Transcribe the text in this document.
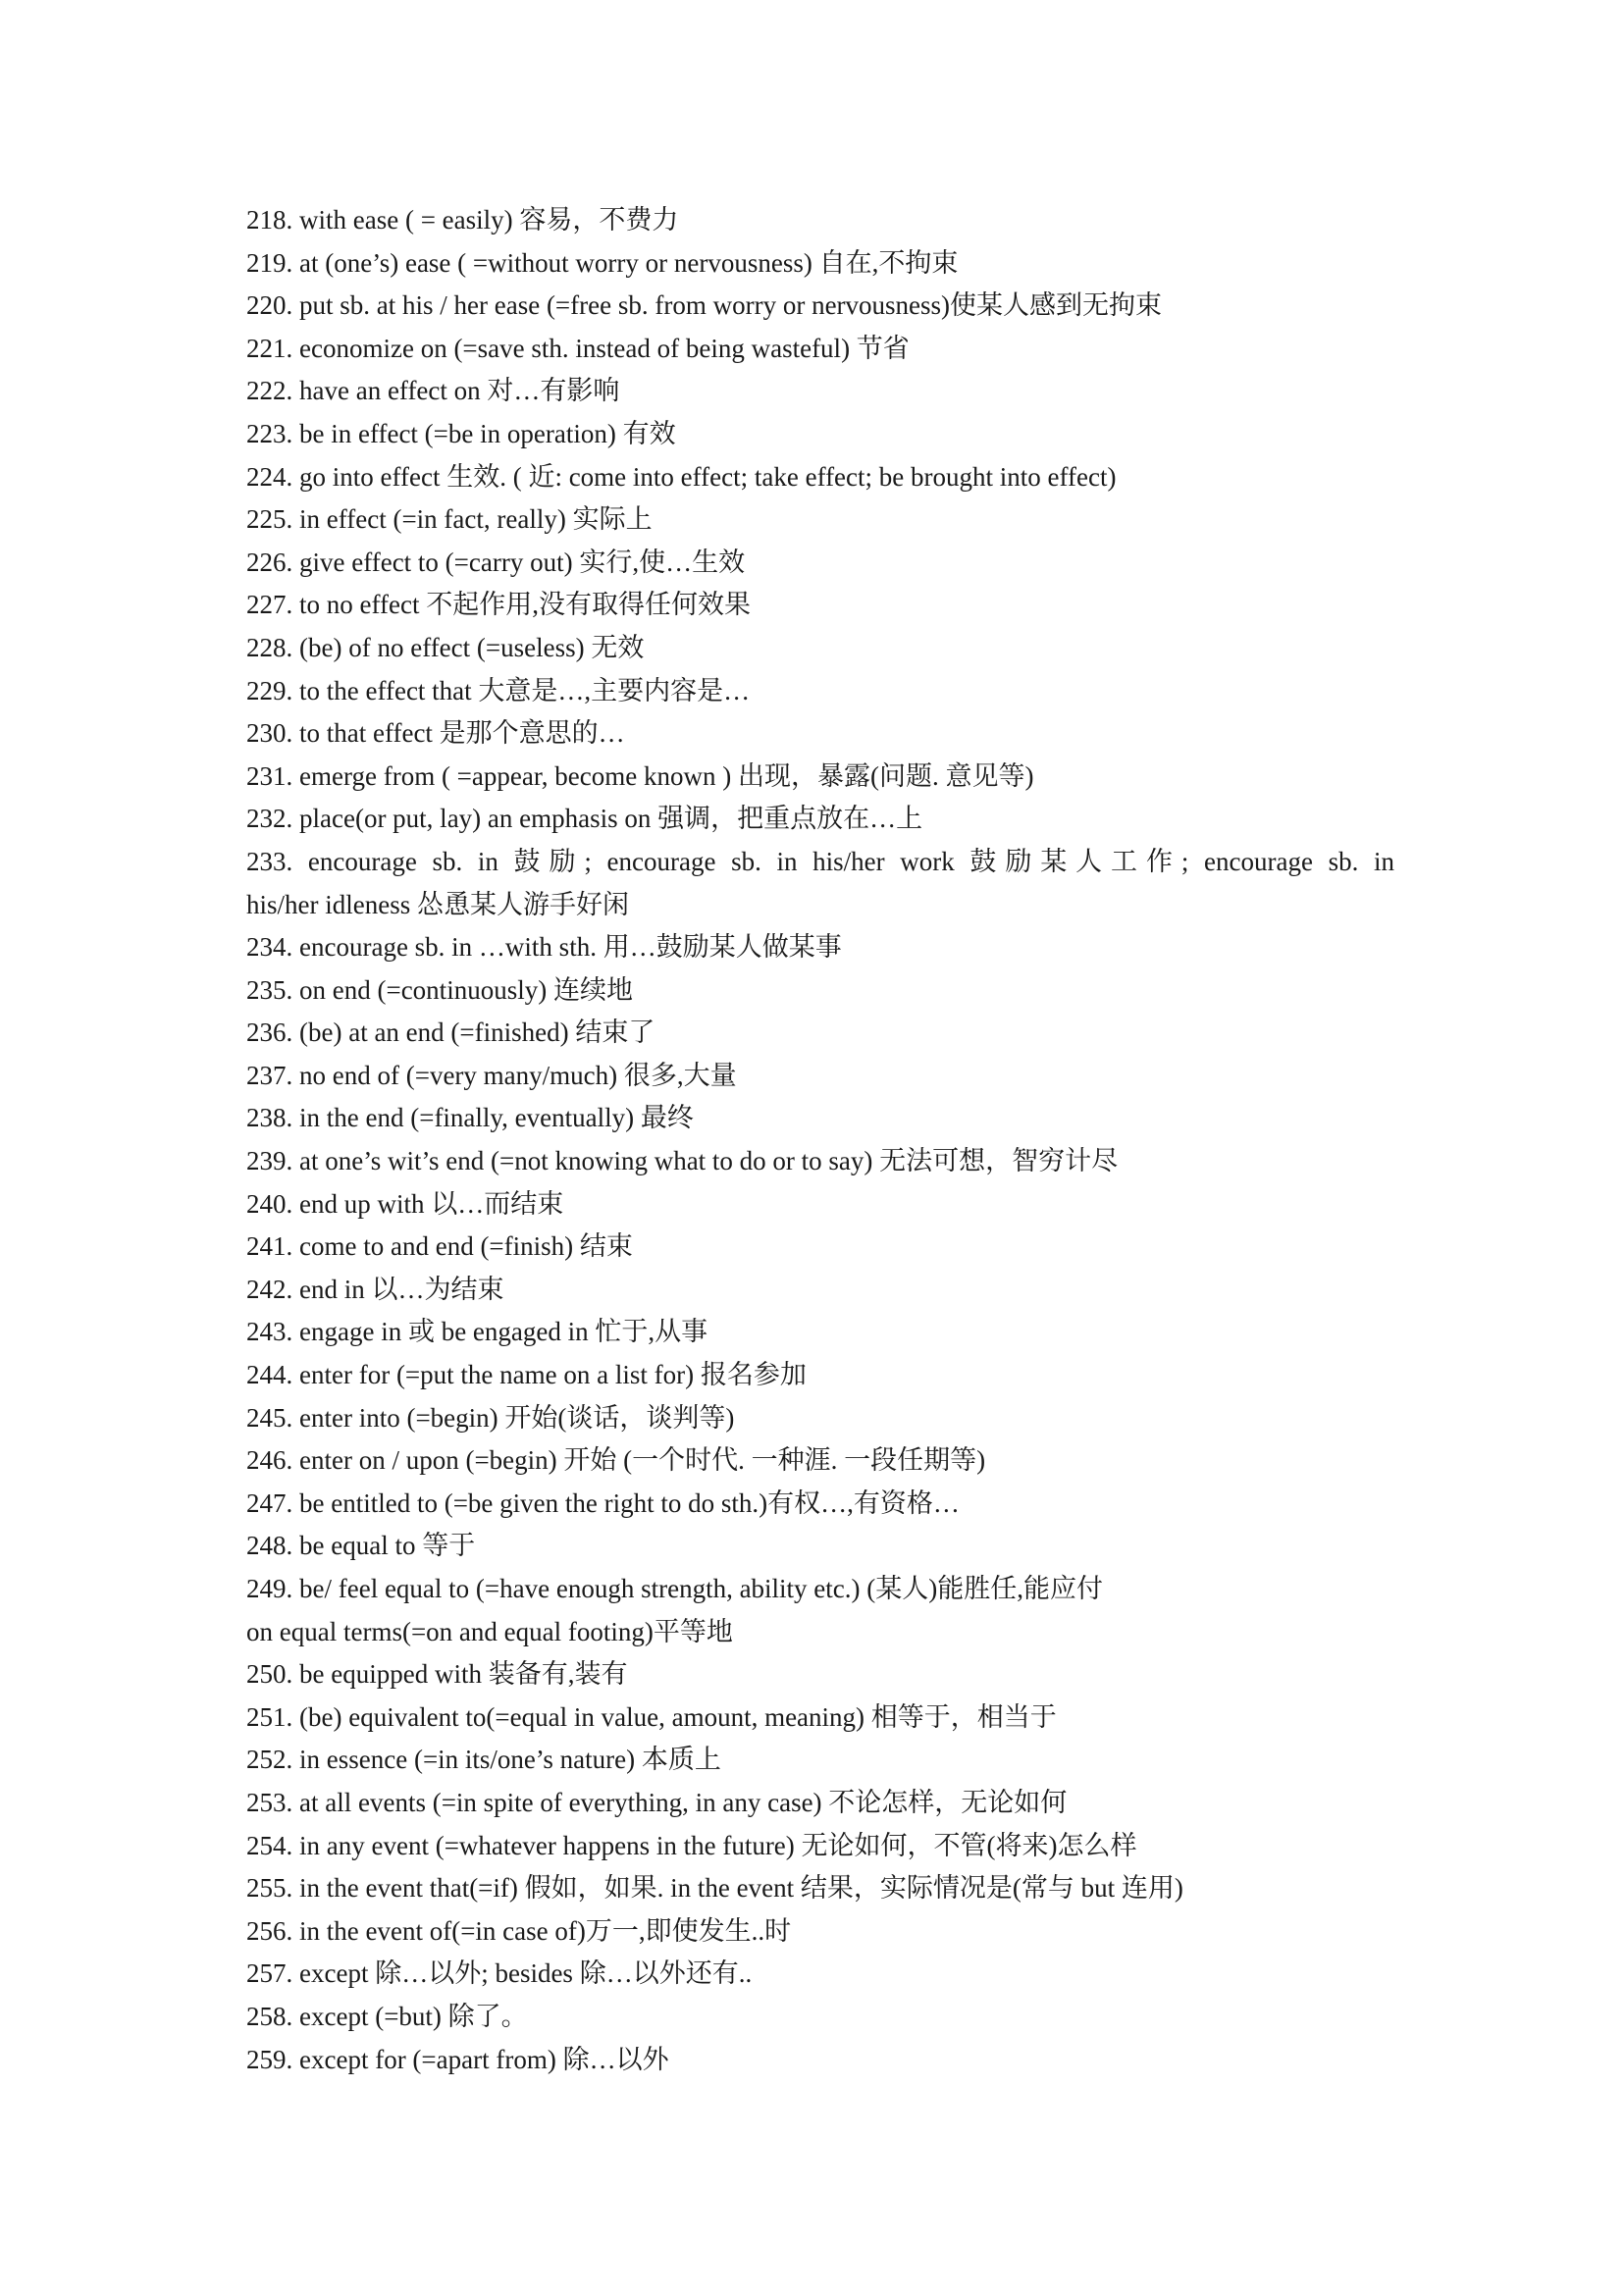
218. with ease ( = easily) 容易，不费力
219. at (one’s) ease ( =without worry or nervousness) 自在,不拘束
220. put sb. at his / her ease (=free sb. from worry or nervousness)使某人感到无拘束
221. economize on (=save sth. instead of being wasteful) 节省
222. have an effect on 对…有影响
223. be in effect (=be in operation) 有效
224. go into effect 生效. ( 近: come into effect; take effect; be brought into effect)
225. in effect (=in fact, really) 实际上
226. give effect to (=carry out) 实行,使…生效
227. to no effect 不起作用,没有取得任何效果
228. (be) of no effect (=useless) 无效
229. to the effect that 大意是…,主要内容是…
230. to that effect 是那个意思的…
231. emerge from ( =appear, become known ) 出现，暴露(问题. 意见等)
232. place(or put, lay) an emphasis on 强调，把重点放在…上
233. encourage sb. in 鼓励; encourage sb. in his/her work 鼓励某人工作; encourage sb. in
his/her idleness 怂恿某人游手好闲
234. encourage sb. in …with sth. 用…鼓励某人做某事
235. on end (=continuously) 连续地
236. (be) at an end (=finished) 结束了
237. no end of (=very many/much) 很多,大量
238. in the end (=finally, eventually) 最终
239. at one’s wit’s end (=not knowing what to do or to say) 无法可想，智穷计尽
240. end up with 以…而结束
241. come to and end (=finish) 结束
242. end in 以…为结束
243. engage in 或 be engaged in 忙于,从事
244. enter for (=put the name on a list for) 报名参加
245. enter into (=begin) 开始(谈话，谈判等)
246. enter on / upon (=begin) 开始 (一个时代. 一种涯. 一段任期等)
247. be entitled to (=be given the right to do sth.)有权…,有资格…
248. be equal to 等于
249. be/ feel equal to (=have enough strength, ability etc.) (某人)能胜任,能应付
on equal terms(=on and equal footing)平等地
250. be equipped with 装备有,装有
251. (be) equivalent to(=equal in value, amount, meaning) 相等于，相当于
252. in essence (=in its/one’s nature) 本质上
253. at all events (=in spite of everything, in any case) 不论怎样，无论如何
254. in any event (=whatever happens in the future) 无论如何，不管(将来)怎么样
255. in the event that(=if) 假如，如果. in the event 结果，实际情况是(常与 but 连用)
256. in the event of(=in case of)万一,即使发生..时
257. except 除…以外; besides 除…以外还有..
258. except (=but) 除了。
259. except for (=apart from) 除…以外
